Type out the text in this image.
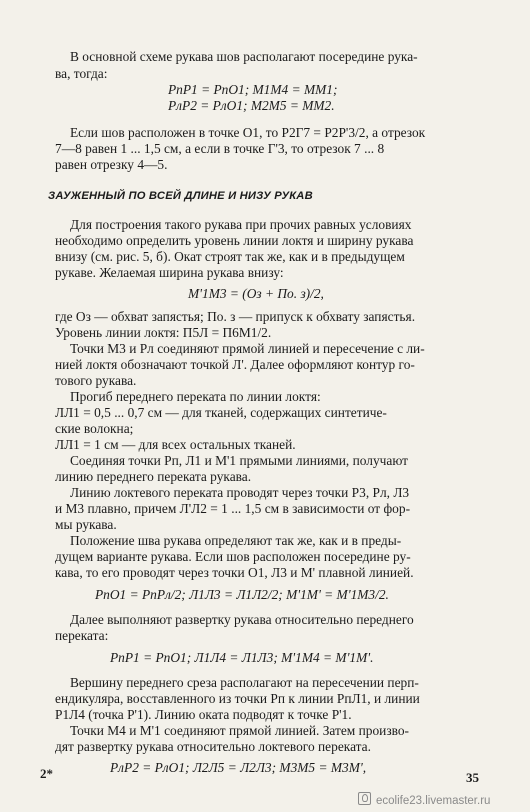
В основной схеме рукава шов располагают посередине рука-
ва, тогда:
РпР1 = РпО1; М1М4 = ММ1;
РлР2 = РлО1; М2М5 = ММ2.
Если шов расположен в точке О1, то Р2Г7 = Р2Р'3/2, а отрезок
7—8 равен 1 ... 1,5 см, а если в точке Г'3, то отрезок 7 ... 8
равен отрезку 4—5.
ЗАУЖЕННЫЙ ПО ВСЕЙ ДЛИНЕ И НИЗУ РУКАВ
Для построения такого рукава при прочих равных условиях
необходимо определить уровень линии локтя и ширину рукава
внизу (см. рис. 5, б). Окат строят так же, как и в предыдущем
рукаве. Желаемая ширина рукава внизу:
М'1М3 = (Оз + По. з)/2,
где Оз — обхват запястья; По. з — припуск к обхвату запястья.
Уровень линии локтя: П5Л = П6М1/2.
Точки М3 и Рл соединяют прямой линией и пересечение с ли-
нией локтя обозначают точкой Л'. Далее оформляют контур го-
тового рукава.
Прогиб переднего переката по линии локтя:
ЛЛ1 = 0,5 ... 0,7 см — для тканей, содержащих синтетиче-
ские волокна;
ЛЛ1 = 1 см — для всех остальных тканей.
Соединяя точки Рп, Л1 и М'1 прямыми линиями, получают
линию переднего переката рукава.
Линию локтевого переката проводят через точки Р3, Рл, Л3
и М3 плавно, причем Л'Л2 = 1 ... 1,5 см в зависимости от фор-
мы рукава.
Положение шва рукава определяют так же, как и в преды-
дущем варианте рукава. Если шов расположен посередине ру-
кава, то его проводят через точки О1, Л3 и М' плавной линией.
РпО1 = РпРл/2; Л1Л3 = Л1Л2/2; М'1М' = М'1М3/2.
Далее выполняют развертку рукава относительно переднего
переката:
РпР1 = РпО1; Л1Л4 = Л1Л3; М'1М4 = М'1М'.
Вершину переднего среза располагают на пересечении перп-
ендикуляра, восставленного из точки Рп к линии РпЛ1, и линии
Р1Л4 (точка Р'1). Линию оката подводят к точке Р'1.
Точки М4 и М'1 соединяют прямой линией. Затем произво-
дят развертку рукава относительно локтевого переката.
РлР2 = РлО1; Л2Л5 = Л2Л3; М3М5 = М3М',
2*	35
ecolife23.livemaster.ru
